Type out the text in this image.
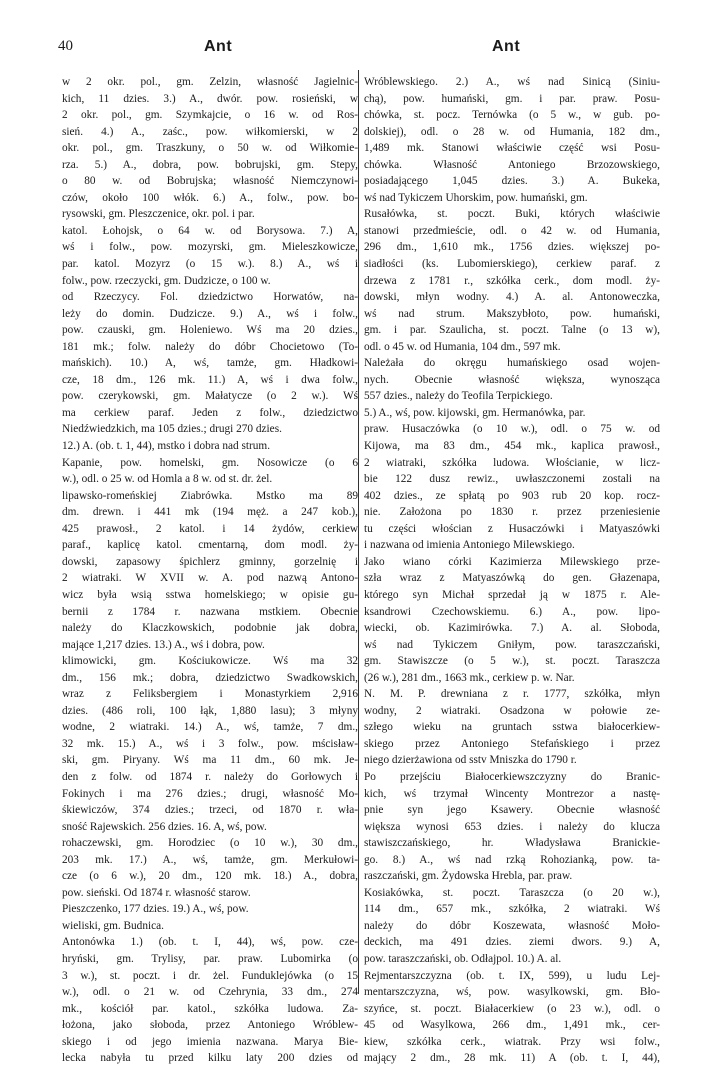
40	Ant	Ant
w 2 okr. pol., gm. Zelzin, własność Jagielnic-
kich, 11 dzies. 3.) A., dwór. pow. rosieński, w
2 okr. pol., gm. Szymkajcie, o 16 w. od Ros-
sień. 4.) A., zaśc., pow. wiłkomierski, w 2
okr. pol., gm. Traszkuny, o 50 w. od Wiłkomie-
rza. 5.) A., dobra, pow. bobrujski, gm. Stepy,
o 80 w. od Bobrujska; własność Niemczynowi-
czów, około 100 włók. 6.) A., folw., pow. bo-
rysowski, gm. Pleszczenice, okr. pol. i par.
katol. Łohojsk, o 64 w. od Borysowa. 7.) A,
wś i folw., pow. mozyrski, gm. Mieleszkowicze,
par. katol. Mozyrz (o 15 w.). 8.) A., wś i
folw., pow. rzeczycki, gm. Dudzicze, o 100 w.
od Rzeczycy. Fol. dziedzictwo Horwatów, na-
leży do domin. Dudzicze. 9.) A., wś i folw.,
pow. czauski, gm. Holeniewo. Wś ma 20 dzies.,
181 mk.; folw. należy do dóbr Chocietowo (To-
mańskich). 10.) A, wś, tamże, gm. Hładkowi-
cze, 18 dm., 126 mk. 11.) A, wś i dwa folw.,
pow. czerykowski, gm. Małatycze (o 2 w.). Wś
ma cerkiew paraf. Jeden z folw., dziedzictwo
Niedźwiedzkich, ma 105 dzies.; drugi 270 dzies.
12.) A. (ob. t. 1, 44), mstko i dobra nad strum.
Kapanie, pow. homelski, gm. Nosowicze (o 6
w.), odl. o 25 w. od Homla a 8 w. od st. dr. żel.
lipawsko-romeńskiej Ziabrówka. Mstko ma 89
dm. drewn. i 441 mk (194 męż. a 247 kob.),
425 prawosł., 2 katol. i 14 żydów, cerkiew
paraf., kaplicę katol. cmentarną, dom modl. ży-
dowski, zapasowy śpichlerz gminny, gorzelnię i
2 wiatraki. W XVII w. A. pod nazwą Antono-
wicz była wsią sstwa homelskiego; w opisie gu-
bernii z 1784 r. nazwana mstkiem. Obecnie
należy do Klaczkowskich, podobnie jak dobra,
mające 1,217 dzies. 13.) A., wś i dobra, pow.
klimowicki, gm. Kościukowicze. Wś ma 32
dm., 156 mk.; dobra, dziedzictwo Swadkowskich,
wraz z Feliksbergiem i Monastyrkiem 2,916
dzies. (486 roli, 100 łąk, 1,880 lasu); 3 młyny
wodne, 2 wiatraki. 14.) A., wś, tamże, 7 dm.,
32 mk. 15.) A., wś i 3 folw., pow. mścisław-
ski, gm. Piryany. Wś ma 11 dm., 60 mk. Je-
den z folw. od 1874 r. należy do Gorłowych i
Fokinych i ma 276 dzies.; drugi, własność Mo-
śkiewiczów, 374 dzies.; trzeci, od 1870 r. wła-
sność Rajewskich. 256 dzies. 16. A, wś, pow.
rohaczewski, gm. Horodziec (o 10 w.), 30 dm.,
203 mk. 17.) A., wś, tamże, gm. Merkułowi-
cze (o 6 w.), 20 dm., 120 mk. 18.) A., dobra,
pow. sieński. Od 1874 r. własność starow.
Pieszczenko, 177 dzies. 19.) A., wś, pow.
wieliski, gm. Budnica.
Antonówka 1.) (ob. t. I, 44), wś, pow. cze-
hryński, gm. Trylisy, par. praw. Lubomirka (o
3 w.), st. poczt. i dr. żel. Funduklejówka (o 15
w.), odl. o 21 w. od Czehrynia, 33 dm., 274
mk., kościół par. katol., szkółka ludowa. Za-
łożona, jako słoboda, przez Antoniego Wróblew-
skiego i od jego imienia nazwana. Marya Bie-
lecka nabyła tu przed kilku laty 200 dzies od
Wróblewskiego. 2.) A., wś nad Sinicą (Siniu-
chą), pow. humański, gm. i par. praw. Posu-
chówka, st. pocz. Ternówka (o 5 w., w gub. po-
dolskiej), odl. o 28 w. od Humania, 182 dm.,
1,489 mk. Stanowi właściwie część wsi Posu-
chówka. Własność Antoniego Brzozowskiego,
posiadającego 1,045 dzies. 3.) A. Bukeka,
wś nad Tykiczem Uhorskim, pow. humański, gm.
Rusałówka, st. poczt. Buki, których właściwie
stanowi przedmieście, odl. o 42 w. od Humania,
296 dm., 1,610 mk., 1756 dzies. większej po-
siadłości (ks. Lubomierskiego), cerkiew paraf. z
drzewa z 1781 r., szkółka cerk., dom modl. ży-
dowski, młyn wodny. 4.) A. al. Antonoweczka,
wś nad strum. Makszybłoto, pow. humański,
gm. i par. Szaulicha, st. poczt. Talne (o 13 w),
odl. o 45 w. od Humania, 104 dm., 597 mk.
Należała do okręgu humańskiego osad wojen-
nych. Obecnie własność większa, wynosząca
557 dzies., należy do Teofila Terpickiego.
5.) A., wś, pow. kijowski, gm. Hermanówka, par.
praw. Husaczówka (o 10 w.), odl. o 75 w. od
Kijowa, ma 83 dm., 454 mk., kaplica prawosł.,
2 wiatraki, szkółka ludowa. Włościanie, w licz-
bie 122 dusz rewiz., uwłaszczonemi zostali na
402 dzies., ze spłatą po 903 rub 20 kop. rocz-
nie. Założona po 1830 r. przez przeniesienie
tu części włościan z Husaczówki i Matyaszówki
i nazwana od imienia Antoniego Milewskiego.
Jako wiano córki Kazimierza Milewskiego prze-
szła wraz z Matyaszówką do gen. Głazenapa,
którego syn Michał sprzedał ją w 1875 r. Ale-
ksandrowi Czechowskiemu. 6.) A., pow. lipo-
wiecki, ob. Kazimirówka. 7.) A. al. Słoboda,
wś nad Tykiczem Gniłym, pow. taraszczański,
gm. Stawiszcze (o 5 w.), st. poczt. Taraszcza
(26 w.), 281 dm., 1663 mk., cerkiew p. w. Nar.
N. M. P. drewniana z r. 1777, szkółka, młyn
wodny, 2 wiatraki. Osadzona w połowie ze-
szłego wieku na gruntach sstwa białocerkiew-
skiego przez Antoniego Stefańskiego i przez
niego dzierżawiona od sstv Mniszka do 1790 r.
Po przejściu Białocerkiewszczyzny do Branic-
kich, wś trzymał Wincenty Montrezor a nastę-
pnie syn jego Ksawery. Obecnie własność
większa wynosi 653 dzies. i należy do klucza
stawiszczańskiego, hr. Władysława Branickie-
go. 8.) A., wś nad rzką Rohozianką, pow. ta-
raszczański, gm. Żydowska Hrebla, par. praw.
Kosiakówka, st. poczt. Taraszcza (o 20 w.),
114 dm., 657 mk., szkółka, 2 wiatraki. Wś
należy do dóbr Koszewata, własność Moło-
deckich, ma 491 dzies. ziemi dwors. 9.) A,
pow. taraszczański, ob. Odłajpol. 10.) A. al.
Rejmentarszczyzna (ob. t. IX, 599), u ludu Lej-
mentarszczyzna, wś, pow. wasylkowski, gm. Bło-
szyńce, st. poczt. Białacerkiew (o 23 w.), odl. o
45 od Wasylkowa, 266 dm., 1,491 mk., cer-
kiew, szkółka cerk., wiatrak. Przy wsi folw.,
mający 2 dm., 28 mk. 11) A (ob. t. I, 44),
